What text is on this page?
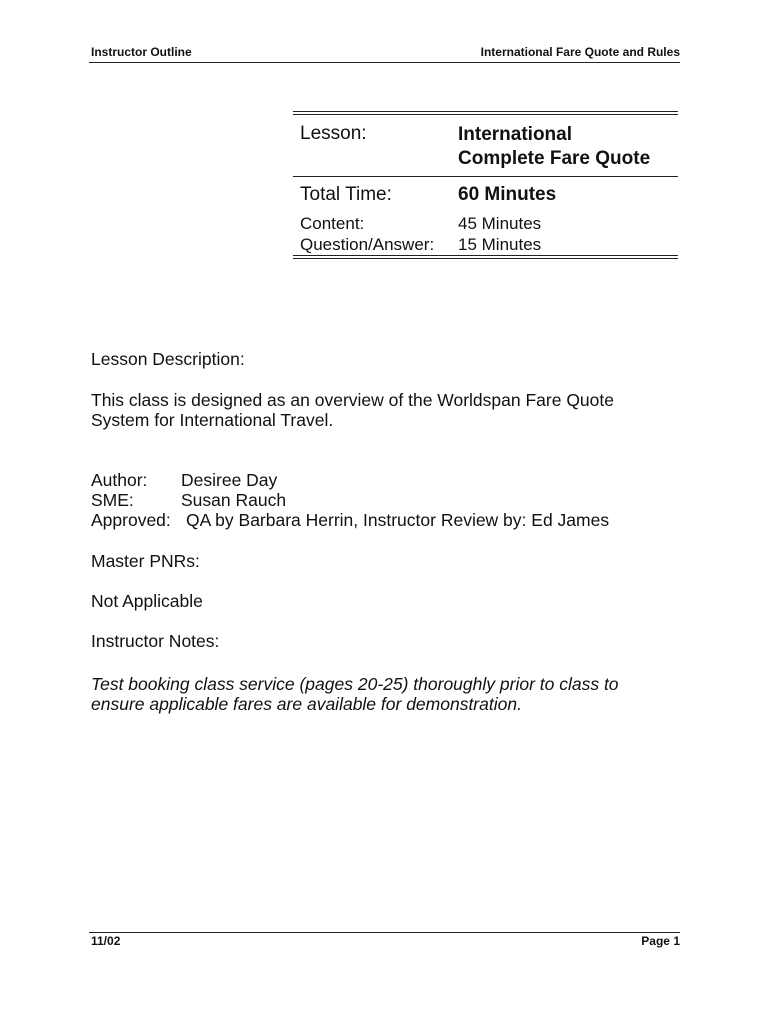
Instructor Outline	International Fare Quote and Rules
Lesson:	International
Complete Fare Quote
Total Time:	60 Minutes
Content:	45 Minutes
Question/Answer: 15 Minutes
Lesson Description:
This class is designed as an overview of the Worldspan Fare Quote
System for International Travel.
Author: Desiree Day
SME:	Susan Rauch
Approved: QA by Barbara Herrin, Instructor Review by: Ed James
Master PNRs:
Not Applicable
Instructor Notes:
Test booking class service (pages 20-25) thoroughly prior to class to
ensure applicable fares are available for demonstration.
11/02	Page 1
